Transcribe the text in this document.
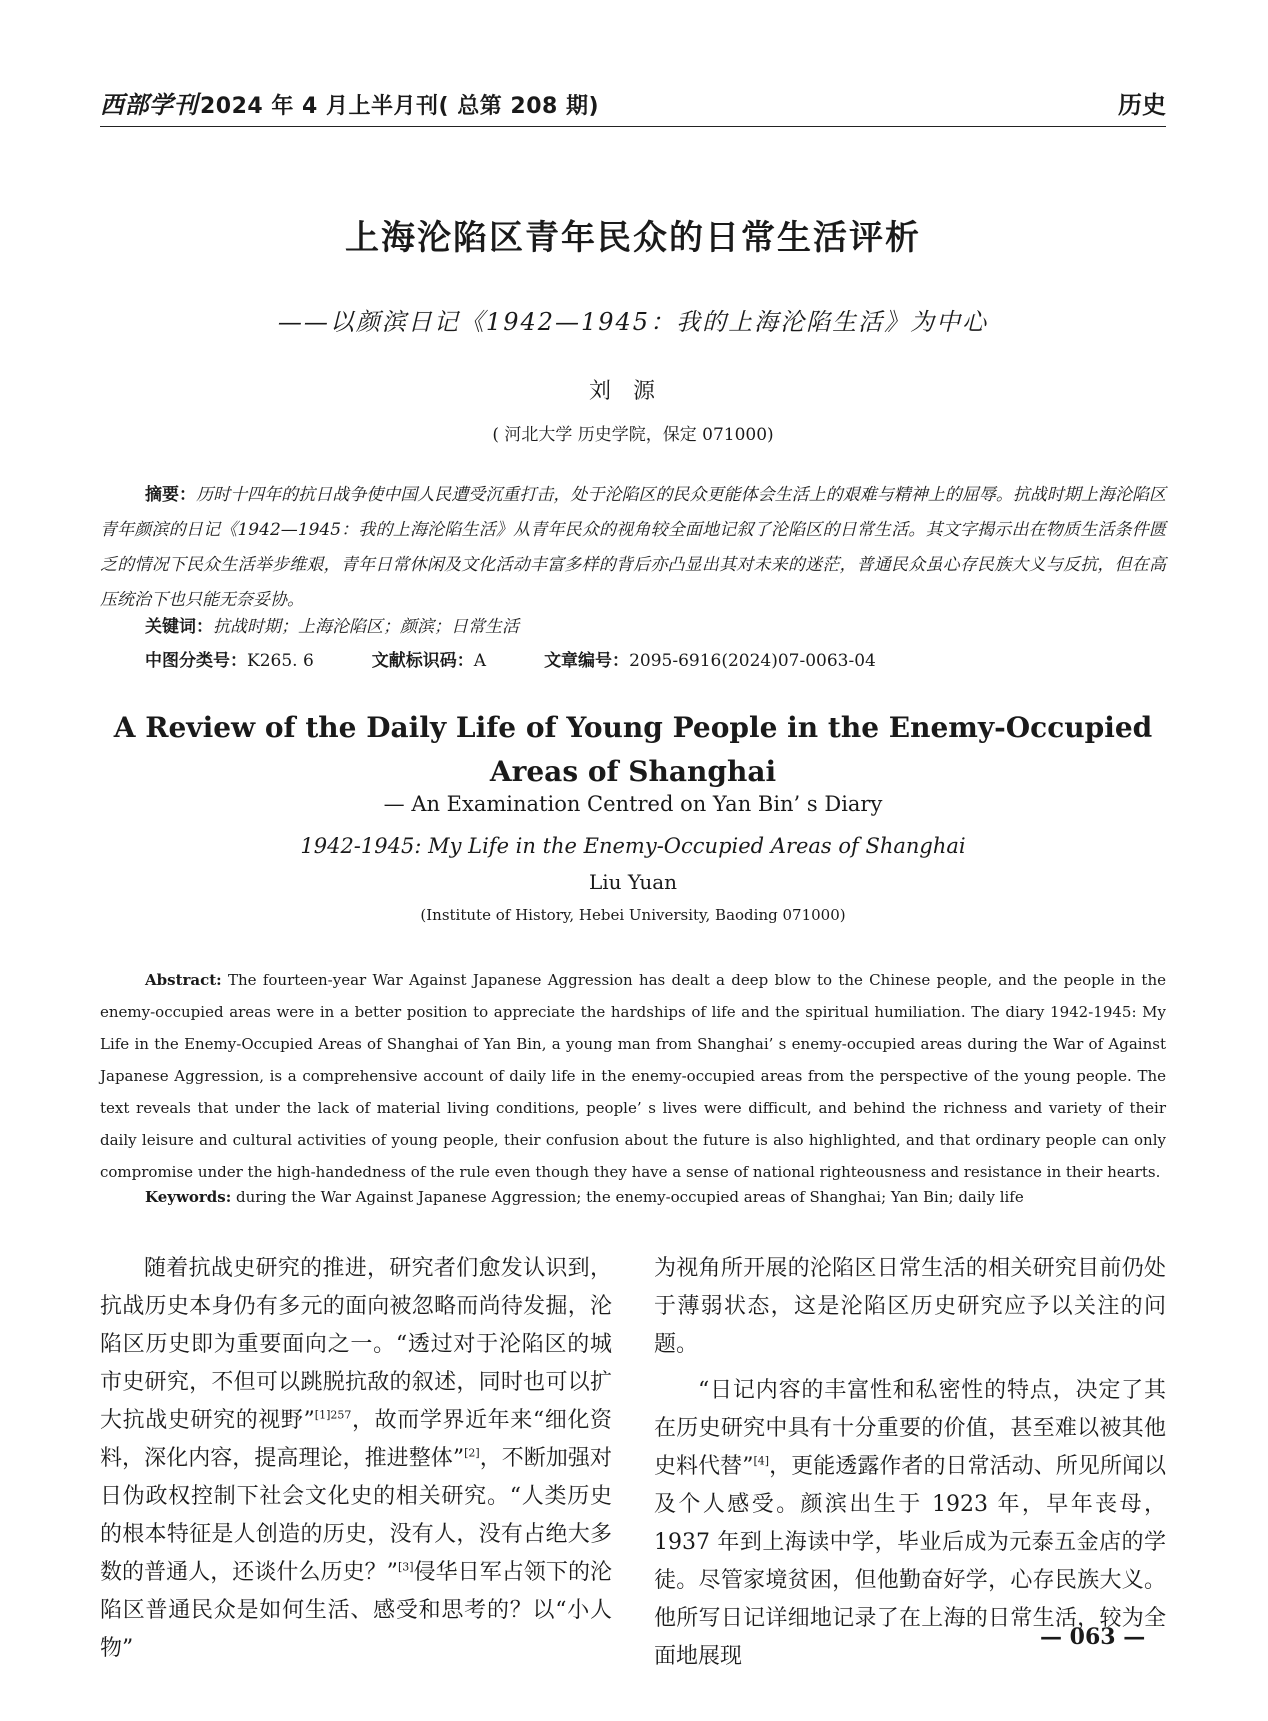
西部学刊2024 年 4 月上半月刊( 总第 208 期)	历史
上海沦陷区青年民众的日常生活评析
——以颜滨日记《1942—1945：我的上海沦陷生活》为中心
刘源
( 河北大学 历史学院，保定 071000)
摘要：历时十四年的抗日战争使中国人民遭受沉重打击，处于沦陷区的民众更能体会生活上的艰难与精神上的屈辱。抗战时期上海沦陷区青年颜滨的日记《1942—1945：我的上海沦陷生活》从青年民众的视角较全面地记叙了沦陷区的日常生活。其文字揭示出在物质生活条件匮乏的情况下民众生活举步维艰，青年日常休闲及文化活动丰富多样的背后亦凸显出其对未来的迷茫，普通民众虽心存民族大义与反抗，但在高压统治下也只能无奈妥协。
关键词：抗战时期；上海沦陷区；颜滨；日常生活
中图分类号：K265. 6	文献标识码：A	文章编号：2095-6916(2024)07-0063-04
A Review of the Daily Life of Young People in the Enemy-Occupied Areas of Shanghai
— An Examination Centred on Yan Bin’ s Diary
1942-1945: My Life in the Enemy-Occupied Areas of Shanghai
Liu Yuan
(Institute of History, Hebei University, Baoding 071000)
Abstract: The fourteen-year War Against Japanese Aggression has dealt a deep blow to the Chinese people, and the people in the enemy-occupied areas were in a better position to appreciate the hardships of life and the spiritual humiliation. The diary 1942-1945: My Life in the Enemy-Occupied Areas of Shanghai of Yan Bin, a young man from Shanghai’ s enemy-occupied areas during the War of Against Japanese Aggression, is a comprehensive account of daily life in the enemy-occupied areas from the perspective of the young people. The text reveals that under the lack of material living conditions, people’ s lives were difficult, and behind the richness and variety of their daily leisure and cultural activities of young people, their confusion about the future is also highlighted, and that ordinary people can only compromise under the high-handedness of the rule even though they have a sense of national righteousness and resistance in their hearts.
Keywords: during the War Against Japanese Aggression; the enemy-occupied areas of Shanghai; Yan Bin; daily life

随着抗战史研究的推进，研究者们愈发认识到，抗战历史本身仍有多元的面向被忽略而尚待发掘，沦陷区历史即为重要面向之一。“透过对于沦陷区的城市史研究，不但可以跳脱抗敌的叙述，同时也可以扩大抗战史研究的视野”$^{[1]257}$，故而学界近年来“细化资料，深化内容，提高理论，推进整体”[2]，不断加强对日伪政权控制下社会文化史的相关研究。“人类历史的根本特征是人创造的历史，没有人，没有占绝大多数的普通人，还谈什么历史？”[3]侵华日军占领下的沦陷区普通民众是如何生活、感受和思考的？以“小人物”

为视角所开展的沦陷区日常生活的相关研究目前仍处于薄弱状态，这是沦陷区历史研究应予以关注的问题。

“日记内容的丰富性和私密性的特点，决定了其在历史研究中具有十分重要的价值，甚至难以被其他史料代替”[4]，更能透露作者的日常活动、所见所闻以及个人感受。颜滨出生于 1923 年，早年丧母，1937 年到上海读中学，毕业后成为元泰五金店的学徒。尽管家境贫困，但他勤奋好学，心存民族大义。他所写日记详细地记录了在上海的日常生活，较为全面地展现

— 063 —
